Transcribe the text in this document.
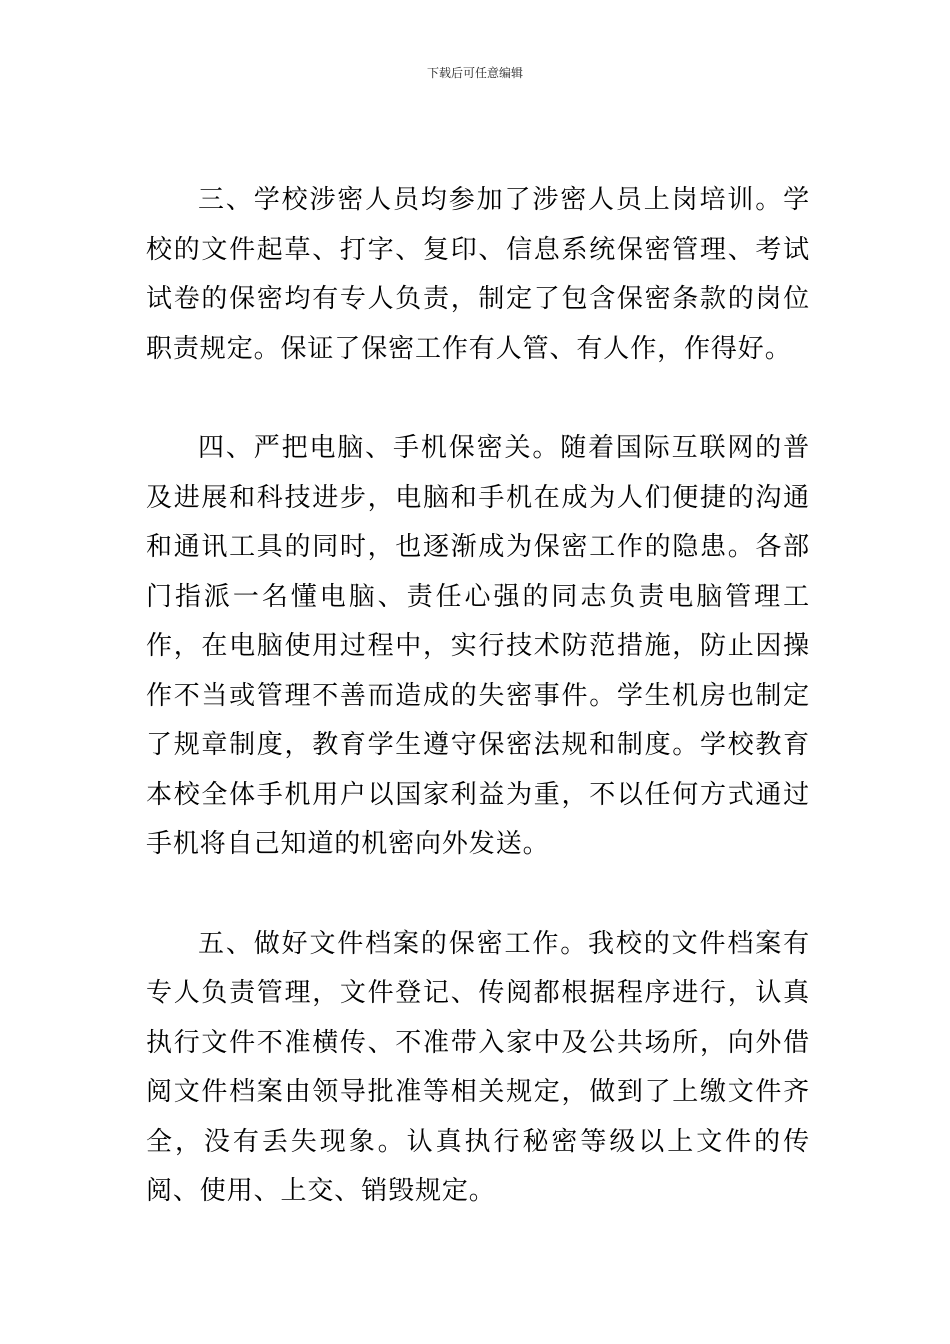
下载后可任意编辑

三、学校涉密人员均参加了涉密人员上岗培训。学校的文件起草、打字、复印、信息系统保密管理、考试试卷的保密均有专人负责，制定了包含保密条款的岗位职责规定。保证了保密工作有人管、有人作，作得好。

四、严把电脑、手机保密关。随着国际互联网的普及进展和科技进步，电脑和手机在成为人们便捷的沟通和通讯工具的同时，也逐渐成为保密工作的隐患。各部门指派一名懂电脑、责任心强的同志负责电脑管理工作，在电脑使用过程中，实行技术防范措施，防止因操作不当或管理不善而造成的失密事件。学生机房也制定了规章制度，教育学生遵守保密法规和制度。学校教育本校全体手机用户以国家利益为重，不以任何方式通过手机将自己知道的机密向外发送。

五、做好文件档案的保密工作。我校的文件档案有专人负责管理，文件登记、传阅都根据程序进行，认真执行文件不准横传、不准带入家中及公共场所，向外借阅文件档案由领导批准等相关规定，做到了上缴文件齐全，没有丢失现象。认真执行秘密等级以上文件的传阅、使用、上交、销毁规定。
